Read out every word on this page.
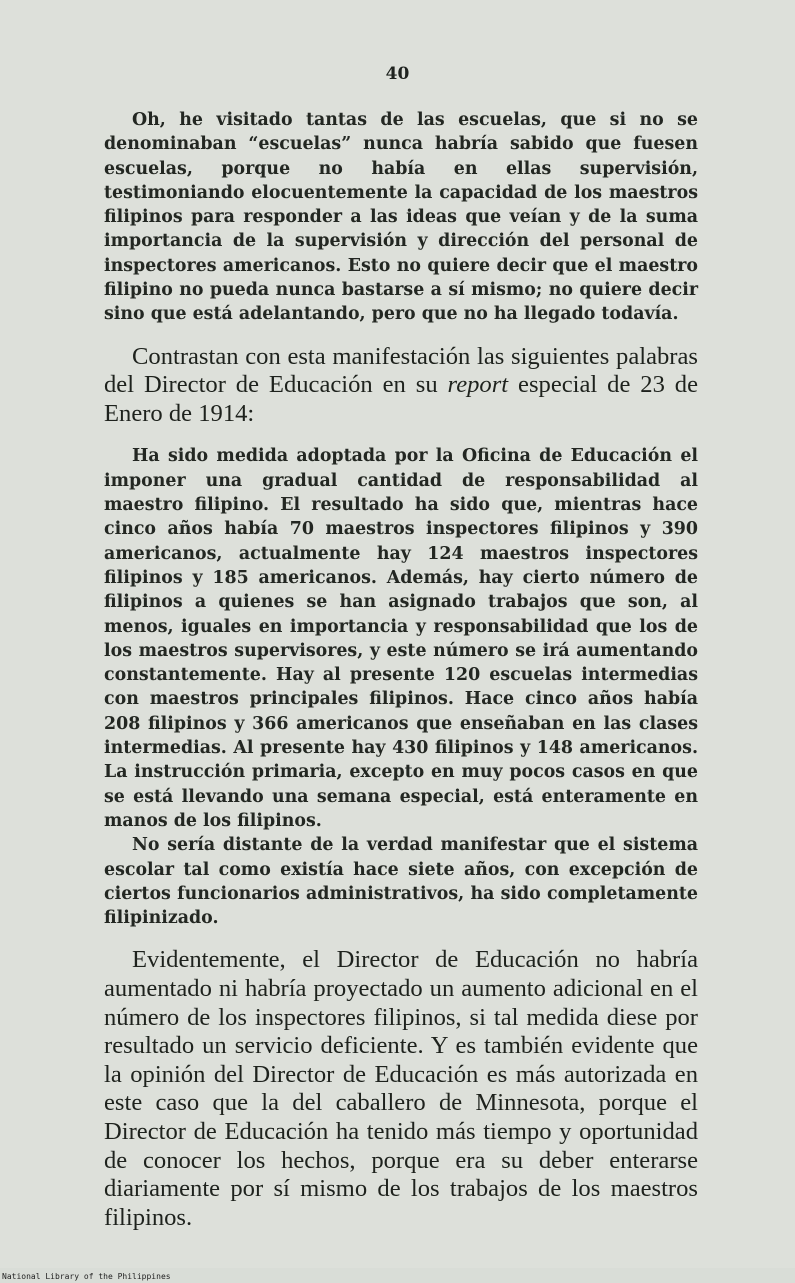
40

Oh, he visitado tantas de las escuelas, que si no se denominaban “escuelas” nunca habría sabido que fuesen escuelas, porque no había en ellas supervisión, testimoniando elocuentemente la capacidad de los maestros filipinos para responder a las ideas que veían y de la suma importancia de la supervisión y dirección del personal de inspectores americanos. Esto no quiere decir que el maestro filipino no pueda nunca bastarse a sí mismo; no quiere decir sino que está adelantando, pero que no ha llegado todavía.

Contrastan con esta manifestación las siguientes palabras del Director de Educación en su report especial de 23 de Enero de 1914:

Ha sido medida adoptada por la Oficina de Educación el imponer una gradual cantidad de responsabilidad al maestro filipino. El resultado ha sido que, mientras hace cinco años había 70 maestros inspectores filipinos y 390 americanos, actualmente hay 124 maestros inspectores filipinos y 185 americanos. Además, hay cierto número de filipinos a quienes se han asignado trabajos que son, al menos, iguales en importancia y responsabilidad que los de los maestros supervisores, y este número se irá aumentando constantemente. Hay al presente 120 escuelas intermedias con maestros principales filipinos. Hace cinco años había 208 filipinos y 366 americanos que enseñaban en las clases intermedias. Al presente hay 430 filipinos y 148 americanos. La instrucción primaria, excepto en muy pocos casos en que se está llevando una semana especial, está enteramente en manos de los filipinos.

No sería distante de la verdad manifestar que el sistema escolar tal como existía hace siete años, con excepción de ciertos funcionarios administrativos, ha sido completamente filipinizado.

Evidentemente, el Director de Educación no habría aumentado ni habría proyectado un aumento adicional en el número de los inspectores filipinos, si tal medida diese por resultado un servicio deficiente. Y es también evidente que la opinión del Director de Educación es más autorizada en este caso que la del caballero de Minnesota, porque el Director de Educación ha tenido más tiempo y oportunidad de conocer los hechos, porque era su deber enterarse diariamente por sí mismo de los trabajos de los maestros filipinos.

National Library of the Philippines
